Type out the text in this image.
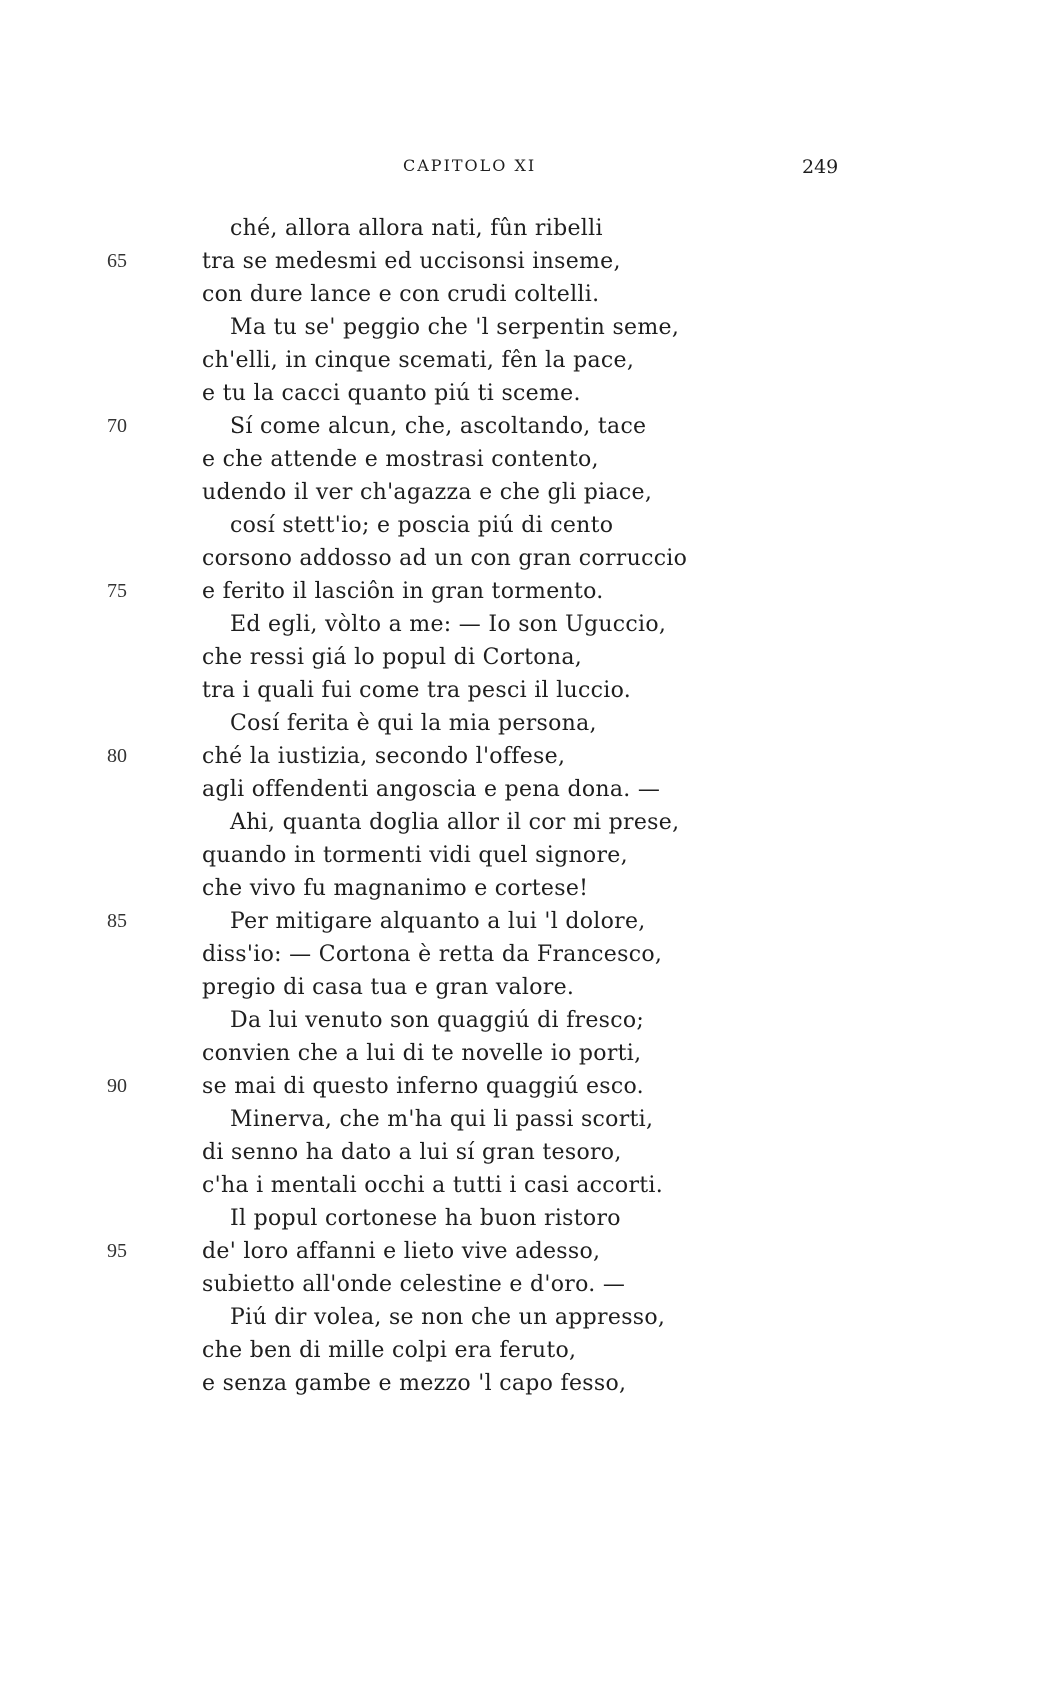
CAPITOLO XI	249
ché, allora allora nati, fûn ribelli
65	tra se medesmi ed uccisonsi inseme,
con dure lance e con crudi coltelli.
Ma tu se' peggio che 'l serpentin seme,
ch'elli, in cinque scemati, fên la pace,
e tu la cacci quanto piú ti sceme.
70	Sí come alcun, che, ascoltando, tace
e che attende e mostrasi contento,
udendo il ver ch'agazza e che gli piace,
cosí stett'io; e poscia piú di cento
corsono addosso ad un con gran corruccio
75	e ferito il lasciôn in gran tormento.
Ed egli, vòlto a me: — Io son Uguccio,
che ressi giá lo popul di Cortona,
tra i quali fui come tra pesci il luccio.
Cosí ferita è qui la mia persona,
80	ché la iustizia, secondo l'offese,
agli offendenti angoscia e pena dona. —
Ahi, quanta doglia allor il cor mi prese,
quando in tormenti vidi quel signore,
che vivo fu magnanimo e cortese!
85	Per mitigare alquanto a lui 'l dolore,
diss'io: — Cortona è retta da Francesco,
pregio di casa tua e gran valore.
Da lui venuto son quaggiú di fresco;
convien che a lui di te novelle io porti,
90	se mai di questo inferno quaggiú esco.
Minerva, che m'ha qui li passi scorti,
di senno ha dato a lui sí gran tesoro,
c'ha i mentali occhi a tutti i casi accorti.
Il popul cortonese ha buon ristoro
95	de' loro affanni e lieto vive adesso,
subietto all'onde celestine e d'oro. —
Piú dir volea, se non che un appresso,
che ben di mille colpi era feruto,
e senza gambe e mezzo 'l capo fesso,
